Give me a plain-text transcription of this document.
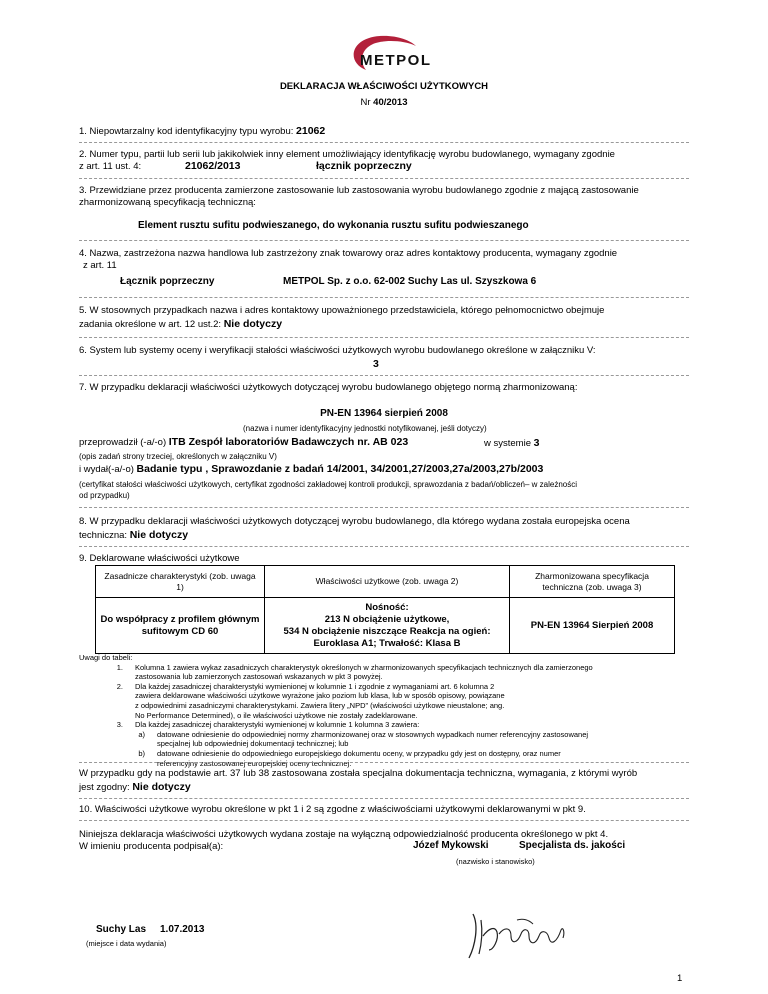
METPOL
DEKLARACJA WŁAŚCIWOŚCI UŻYTKOWYCH
Nr 40/2013
1. Niepowtarzalny kod identyfikacyjny typu wyrobu: 21062
2. Numer typu, partii lub serii lub jakikolwiek inny element umożliwiający identyfikację wyrobu budowlanego, wymagany zgodnie
z art. 11 ust. 4:	21062/2013	łącznik poprzeczny
3. Przewidziane przez producenta zamierzone zastosowanie lub zastosowania wyrobu budowlanego zgodnie z mającą zastosowanie
zharmonizowaną specyfikacją techniczną:
Element rusztu sufitu podwieszanego, do wykonania rusztu sufitu podwieszanego
4. Nazwa, zastrzeżona nazwa handlowa lub zastrzeżony znak towarowy oraz adres kontaktowy producenta, wymagany zgodnie
z art. 11
Łącznik poprzeczny	METPOL Sp. z o.o. 62-002 Suchy Las ul. Szyszkowa 6
5. W stosownych przypadkach nazwa i adres kontaktowy upoważnionego przedstawiciela, którego pełnomocnictwo obejmuje
zadania określone w art. 12 ust.2: Nie dotyczy
6. System lub systemy oceny i weryfikacji stałości właściwości użytkowych wyrobu budowlanego określone w załączniku V:
3
7. W przypadku deklaracji właściwości użytkowych dotyczącej wyrobu budowlanego objętego normą zharmonizowaną:
PN-EN 13964 sierpień 2008
(nazwa i numer identyfikacyjny jednostki notyfikowanej, jeśli dotyczy)
przeprowadził (-a/-o) ITB Zespół laboratoriów Badawczych nr. AB 023	w systemie 3
(opis zadań strony trzeciej, określonych w załączniku V)
i wydał(-a/-o) Badanie typu , Sprawozdanie z badań 14/2001, 34/2001,27/2003,27a/2003,27b/2003
(certyfikat stałości właściwości użytkowych, certyfikat zgodności zakładowej kontroli produkcji, sprawozdania z badań/obliczeń– w zależności
od przypadku)
8. W przypadku deklaracji właściwości użytkowych dotyczącej wyrobu budowlanego, dla którego wydana została europejska ocena
techniczna: Nie dotyczy
9. Deklarowane właściwości użytkowe
Zasadnicze charakterystyki (zob. uwaga 1)	Właściwości użytkowe (zob. uwaga 2)	Zharmonizowana specyfikacja techniczna (zob. uwaga 3)
Do współpracy z profilem głównym sufitowym CD 60	Nośność:
213 N obciążenie użytkowe,
534 N obciążenie niszczące Reakcja na ogień:
Euroklasa A1; Trwałość: Klasa B	PN-EN 13964 Sierpień 2008
Uwagi do tabeli:
1.	Kolumna 1 zawiera wykaz zasadniczych charakterystyk określonych w zharmonizowanych specyfikacjach technicznych dla zamierzonego
zastosowania lub zamierzonych zastosowań wskazanych w pkt 3 powyżej.
2.	Dla każdej zasadniczej charakterystyki wymienionej w kolumnie 1 i zgodnie z wymaganiami art. 6 kolumna 2
zawiera deklarowane właściwości użytkowe wyrażone jako poziom lub klasa, lub w sposób opisowy, powiązane
z odpowiednimi zasadniczymi charakterystykami. Zawiera litery „NPD” (właściwości użytkowe nieustalone; ang.
No Performance Determined), o ile właściwości użytkowe nie zostały zadeklarowane.
3.	Dla każdej zasadniczej charakterystyki wymienionej w kolumnie 1 kolumna 3 zawiera:
a)	datowane odniesienie do odpowiedniej normy zharmonizowanej oraz w stosownych wypadkach numer referencyjny zastosowanej
specjalnej lub odpowiedniej dokumentacji technicznej; lub
b)	datowane odniesienie do odpowiedniego europejskiego dokumentu oceny, w przypadku gdy jest on dostępny, oraz numer
referencyjny zastosowanej europejskiej oceny technicznej.
W przypadku gdy na podstawie art. 37 lub 38 zastosowana została specjalna dokumentacja techniczna, wymagania, z którymi wyrób
jest zgodny: Nie dotyczy
10. Właściwości użytkowe wyrobu określone w pkt 1 i 2 są zgodne z właściwościami użytkowymi deklarowanymi w pkt 9.
Niniejsza deklaracja właściwości użytkowych wydana zostaje na wyłączną odpowiedzialność producenta określonego w pkt 4.
W imieniu producenta podpisał(a):	Józef Mykowski	Specjalista ds. jakości
(nazwisko i stanowisko)
Suchy Las 1.07.2013
(miejsce i data wydania)
1
